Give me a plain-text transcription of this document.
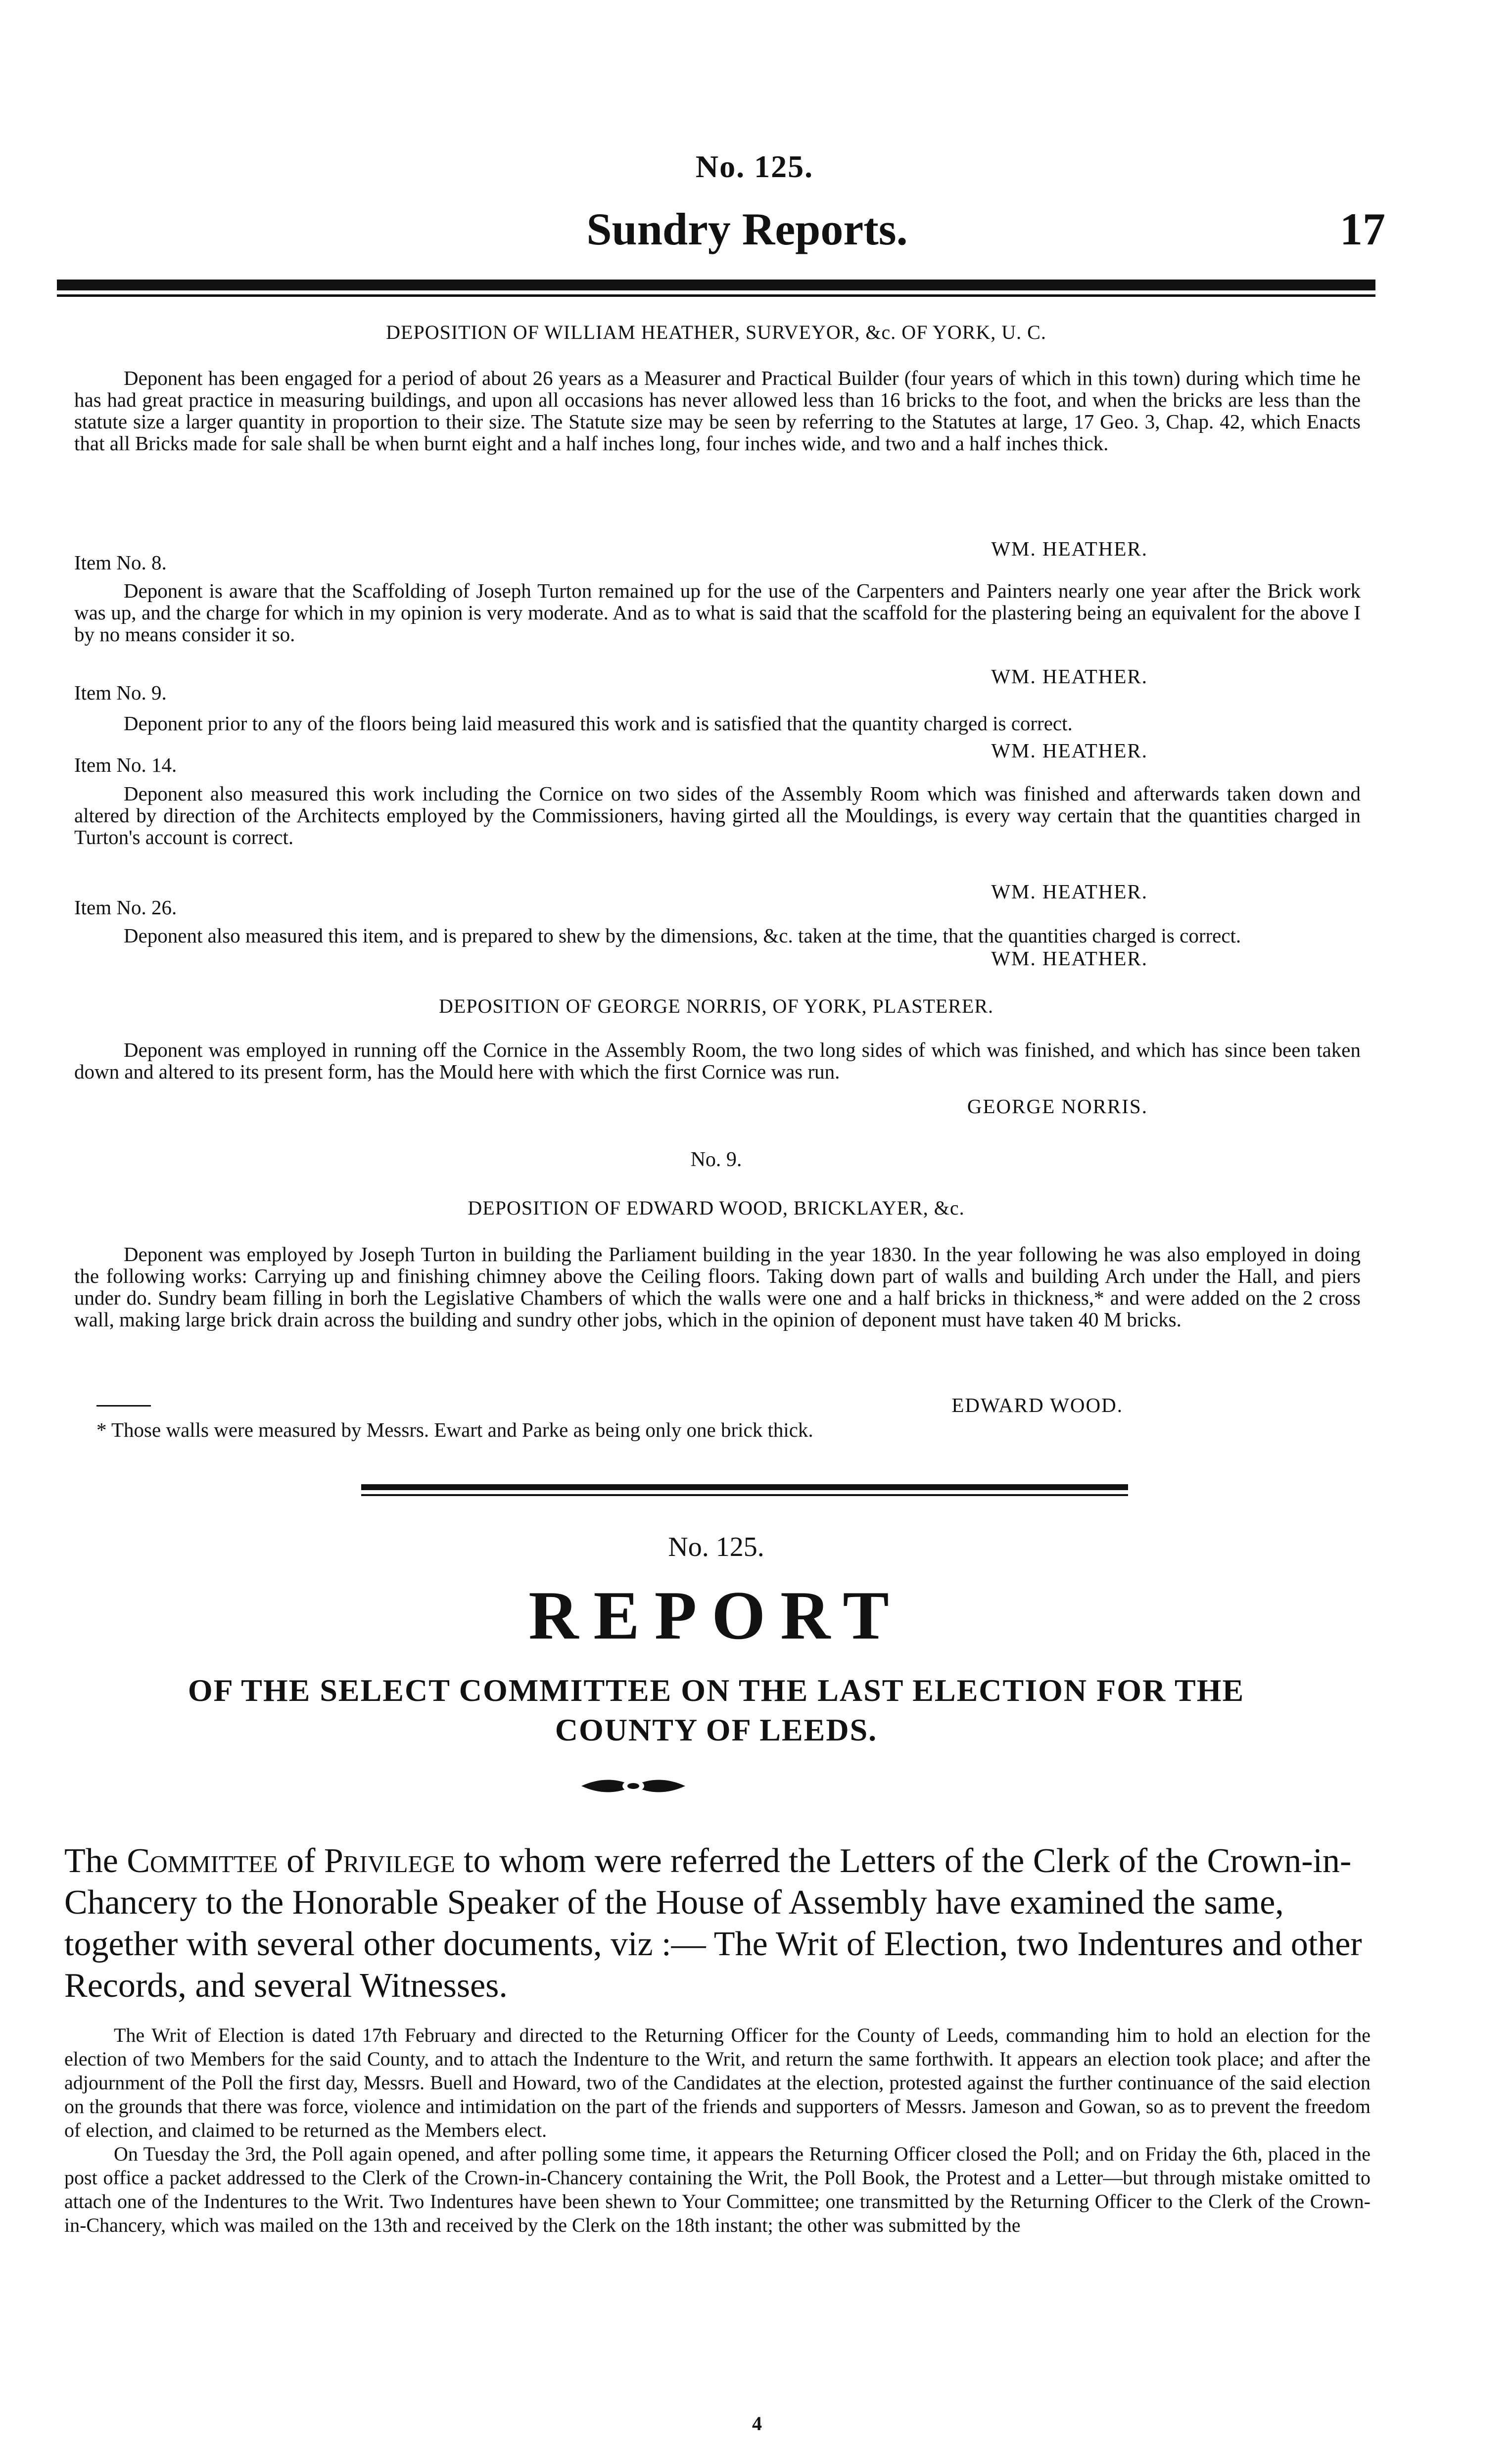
No. 125.
Sundry Reports.	17
DEPOSITION OF WILLIAM HEATHER, SURVEYOR, &c. OF YORK, U. C.
Deponent has been engaged for a period of about 26 years as a Measurer and Practical Builder (four years of which in this town) during which time he has had great practice in measuring buildings, and upon all occasions has never allowed less than 16 bricks to the foot, and when the bricks are less than the statute size a larger quantity in proportion to their size. The Statute size may be seen by referring to the Statutes at large, 17 Geo. 3, Chap. 42, which Enacts that all Bricks made for sale shall be when burnt eight and a half inches long, four inches wide, and two and a half inches thick.
WM. HEATHER.
Item No. 8.
Deponent is aware that the Scaffolding of Joseph Turton remained up for the use of the Carpenters and Painters nearly one year after the Brick work was up, and the charge for which in my opinion is very moderate. And as to what is said that the scaffold for the plastering being an equivalent for the above I by no means consider it so.
WM. HEATHER.
Item No. 9.
Deponent prior to any of the floors being laid measured this work and is satisfied that the quantity charged is correct.
WM. HEATHER.
Item No. 14.
Deponent also measured this work including the Cornice on two sides of the Assembly Room which was finished and afterwards taken down and altered by direction of the Architects employed by the Commissioners, having girted all the Mouldings, is every way certain that the quantities charged in Turton's account is correct.
WM. HEATHER.
Item No. 26.
Deponent also measured this item, and is prepared to shew by the dimensions, &c. taken at the time, that the quantities charged is correct.
WM. HEATHER.
DEPOSITION OF GEORGE NORRIS, OF YORK, PLASTERER.
Deponent was employed in running off the Cornice in the Assembly Room, the two long sides of which was finished, and which has since been taken down and altered to its present form, has the Mould here with which the first Cornice was run.
GEORGE NORRIS.
No. 9.
DEPOSITION OF EDWARD WOOD, BRICKLAYER, &c.
Deponent was employed by Joseph Turton in building the Parliament building in the year 1830. In the year following he was also employed in doing the following works: Carrying up and finishing chimney above the Ceiling floors. Taking down part of walls and building Arch under the Hall, and piers under do. Sundry beam filling in borh the Legislative Chambers of which the walls were one and a half bricks in thickness,* and were added on the 2 cross wall, making large brick drain across the building and sundry other jobs, which in the opinion of deponent must have taken 40 M bricks.
EDWARD WOOD.
* Those walls were measured by Messrs. Ewart and Parke as being only one brick thick.
No. 125.
REPORT
OF THE SELECT COMMITTEE ON THE LAST ELECTION FOR THE
COUNTY OF LEEDS.
The Committee of Privilege to whom were referred the Letters of the Clerk of the Crown-in-Chancery to the Honorable Speaker of the House of Assembly have examined the same, together with several other documents, viz :— The Writ of Election, two Indentures and other Records, and several Witnesses.

The Writ of Election is dated 17th February and directed to the Returning Officer for the County of Leeds, commanding him to hold an election for the election of two Members for the said County, and to attach the Indenture to the Writ, and return the same forthwith. It appears an election took place; and after the adjournment of the Poll the first day, Messrs. Buell and Howard, two of the Candidates at the election, protested against the further continuance of the said election on the grounds that there was force, violence and intimidation on the part of the friends and supporters of Messrs. Jameson and Gowan, so as to prevent the freedom of election, and claimed to be returned as the Members elect.

On Tuesday the 3rd, the Poll again opened, and after polling some time, it appears the Returning Officer closed the Poll; and on Friday the 6th, placed in the post office a packet addressed to the Clerk of the Crown-in-Chancery containing the Writ, the Poll Book, the Protest and a Letter—but through mistake omitted to attach one of the Indentures to the Writ. Two Indentures have been shewn to Your Committee; one transmitted by the Returning Officer to the Clerk of the Crown-in-Chancery, which was mailed on the 13th and received by the Clerk on the 18th instant; the other was submitted by the

4
